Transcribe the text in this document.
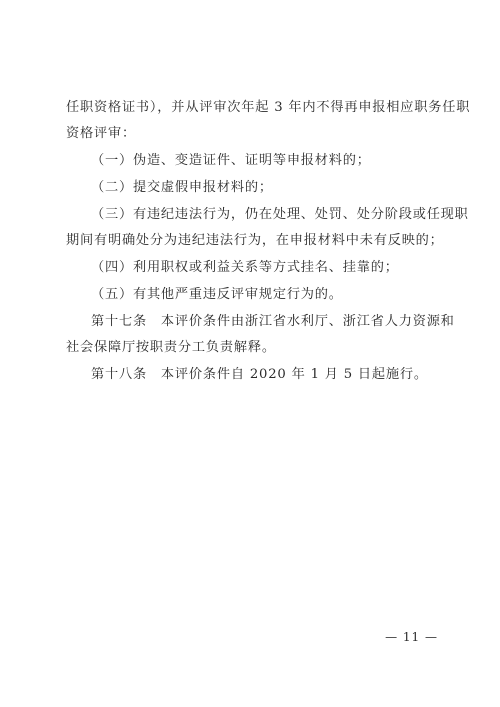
任职资格证书），并从评审次年起 3 年内不得再申报相应职务任职
资格评审：
（一）伪造、变造证件、证明等申报材料的；
（二）提交虚假申报材料的；
（三）有违纪违法行为，仍在处理、处罚、处分阶段或任现职
期间有明确处分为违纪违法行为，在申报材料中未有反映的；
（四）利用职权或利益关系等方式挂名、挂靠的；
（五）有其他严重违反评审规定行为的。
第十七条　本评价条件由浙江省水利厅、浙江省人力资源和
社会保障厅按职责分工负责解释。
第十八条　本评价条件自 2020 年 1 月 5 日起施行。
— 11 —
